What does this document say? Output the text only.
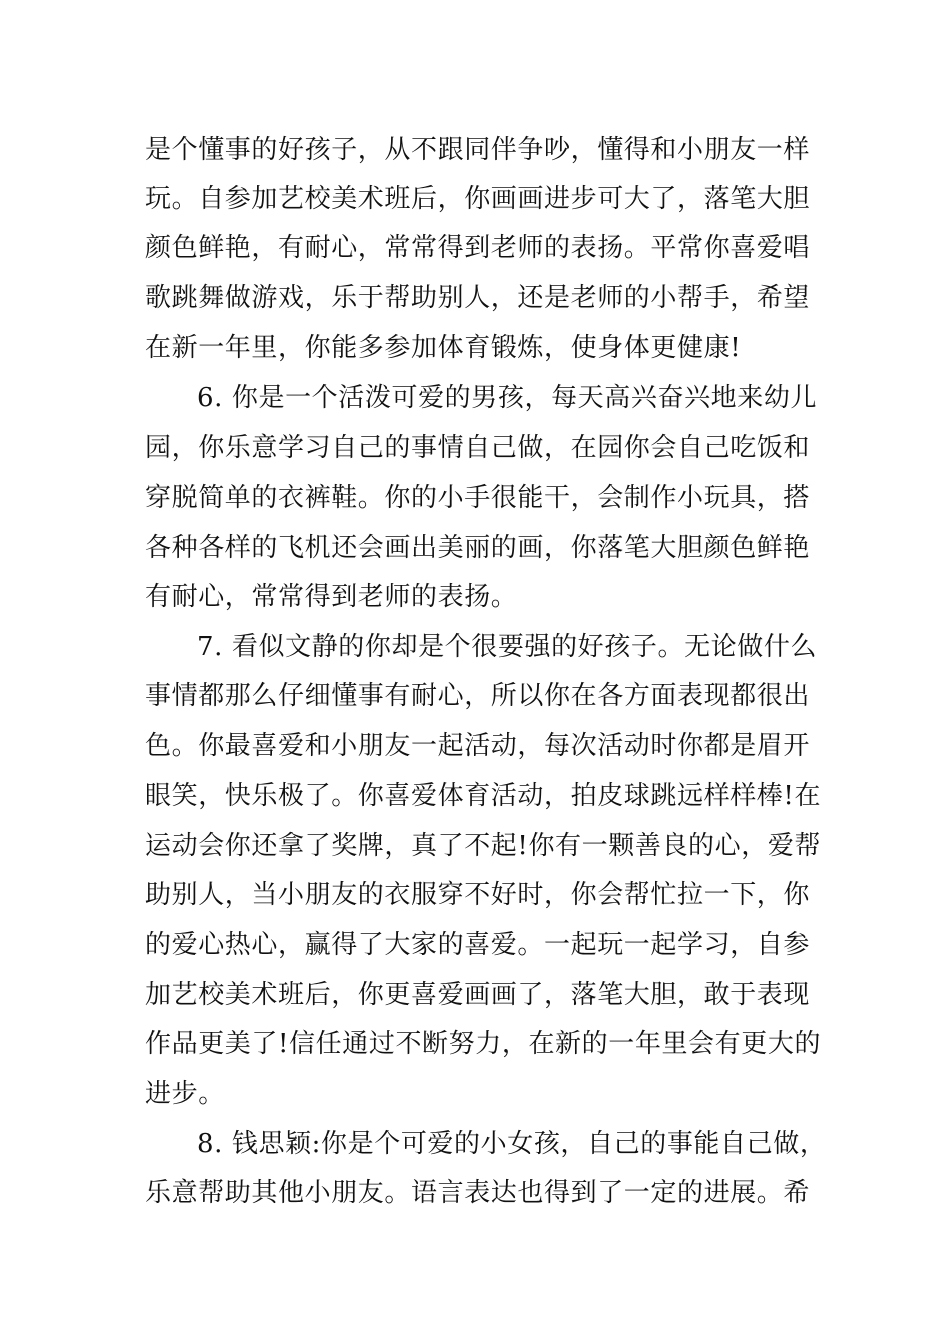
是个懂事的好孩子，从不跟同伴争吵，懂得和小朋友一样
玩。自参加艺校美术班后，你画画进步可大了，落笔大胆
颜色鲜艳，有耐心，常常得到老师的表扬。平常你喜爱唱
歌跳舞做游戏，乐于帮助别人，还是老师的小帮手，希望
在新一年里，你能多参加体育锻炼，使身体更健康!
6. 你是一个活泼可爱的男孩，每天高兴奋兴地来幼儿
园，你乐意学习自己的事情自己做，在园你会自己吃饭和
穿脱简单的衣裤鞋。你的小手很能干，会制作小玩具，搭
各种各样的飞机还会画出美丽的画，你落笔大胆颜色鲜艳
有耐心，常常得到老师的表扬。
7. 看似文静的你却是个很要强的好孩子。无论做什么
事情都那么仔细懂事有耐心，所以你在各方面表现都很出
色。你最喜爱和小朋友一起活动，每次活动时你都是眉开
眼笑，快乐极了。你喜爱体育活动，拍皮球跳远样样棒!在
运动会你还拿了奖牌，真了不起!你有一颗善良的心，爱帮
助别人，当小朋友的衣服穿不好时，你会帮忙拉一下，你
的爱心热心，赢得了大家的喜爱。一起玩一起学习，自参
加艺校美术班后，你更喜爱画画了，落笔大胆，敢于表现
作品更美了!信任通过不断努力，在新的一年里会有更大的
进步。
8. 钱思颖:你是个可爱的小女孩，自己的事能自己做，
乐意帮助其他小朋友。语言表达也得到了一定的进展。希
